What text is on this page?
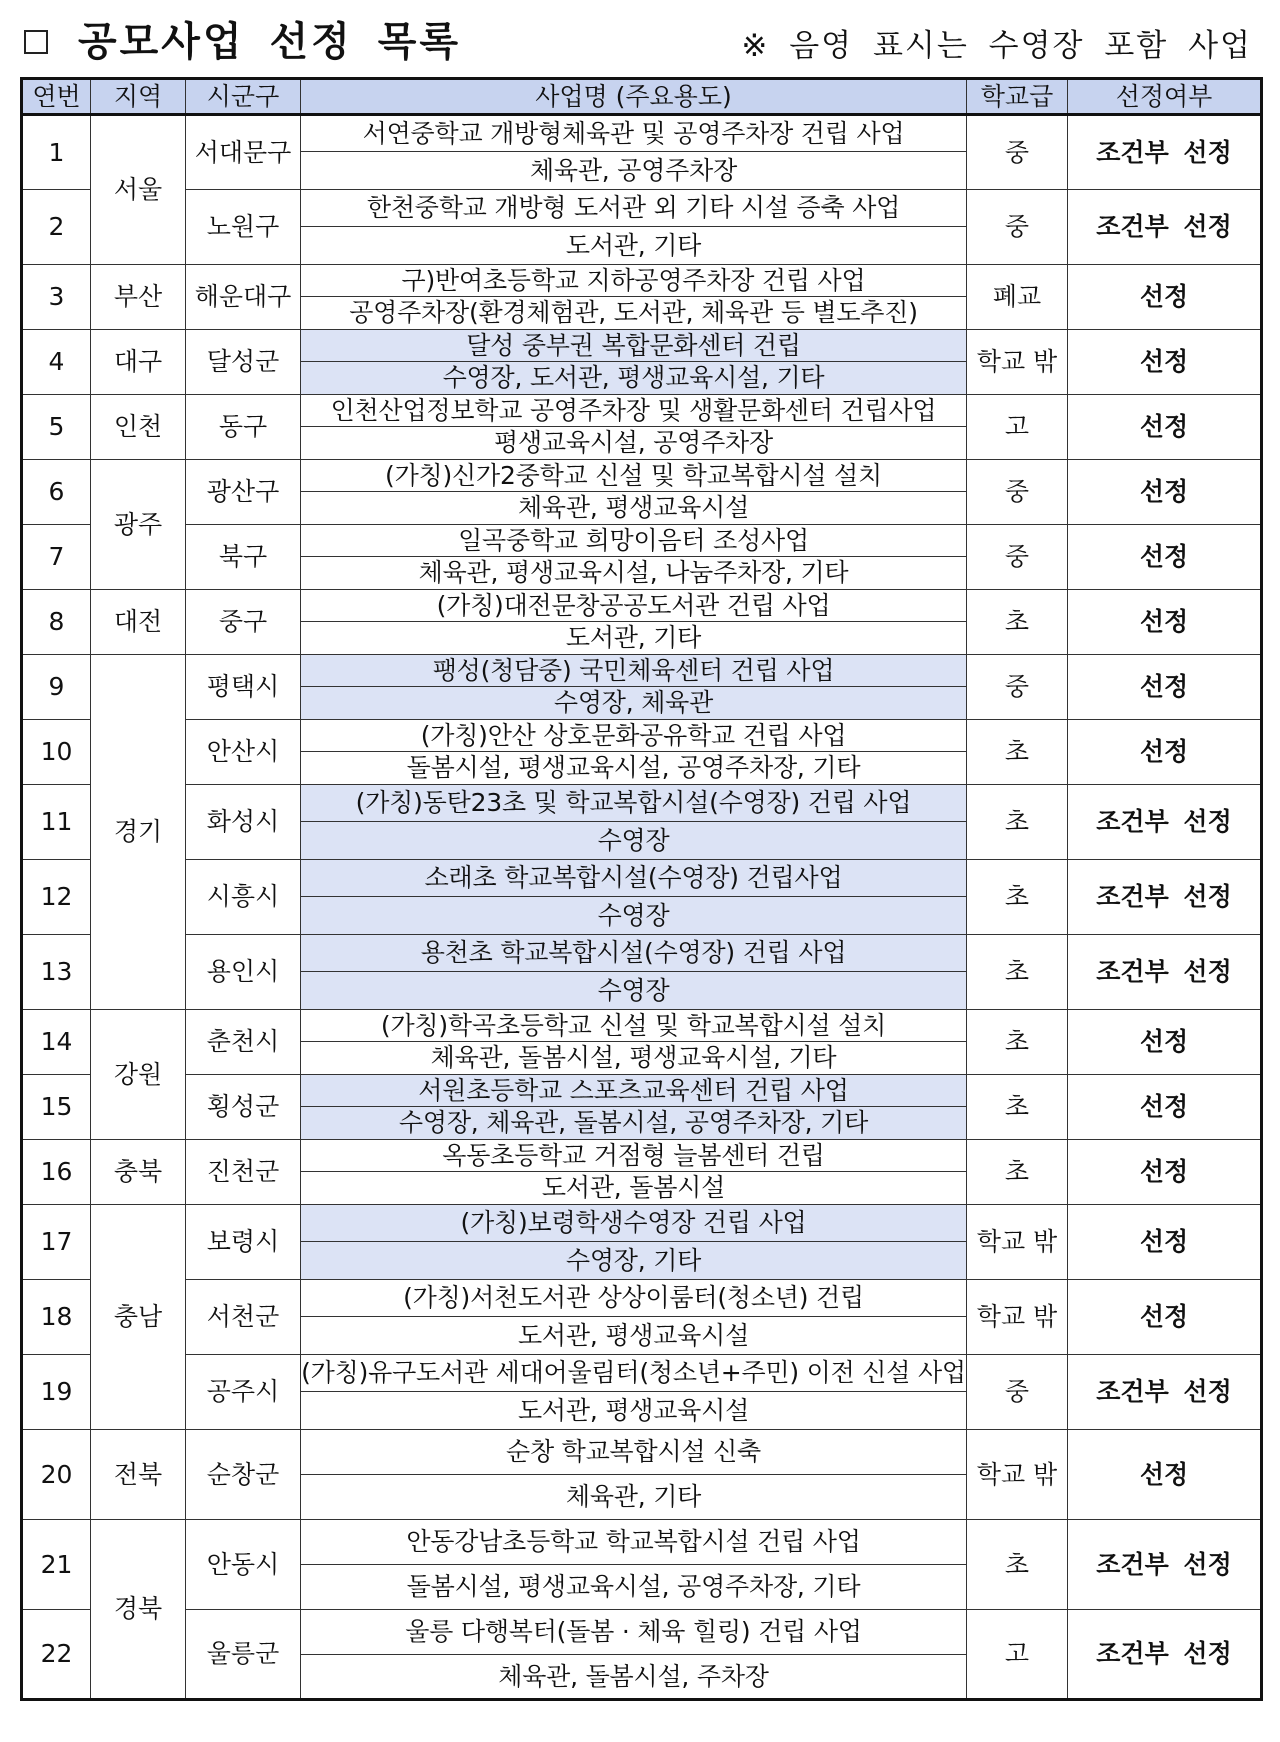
공모사업 선정 목록	※ 음영 표시는 수영장 포함 사업
연번	지역	시군구	사업명 (주요용도)	학교급	선정여부
1	서울	서대문구	서연중학교 개방형체육관 및 공영주차장 건립 사업	중	조건부 선정
			체육관, 공영주차장		
2		노원구	한천중학교 개방형 도서관 외 기타 시설 증축 사업	중	조건부 선정
			도서관, 기타		
3	부산	해운대구	구)반여초등학교 지하공영주차장 건립 사업	폐교	선정
			공영주차장(환경체험관, 도서관, 체육관 등 별도추진)		
4	대구	달성군	달성 중부권 복합문화센터 건립	학교 밖	선정
			수영장, 도서관, 평생교육시설, 기타		
5	인천	동구	인천산업정보학교 공영주차장 및 생활문화센터 건립사업	고	선정
			평생교육시설, 공영주차장		
6	광주	광산구	(가칭)신가2중학교 신설 및 학교복합시설 설치	중	선정
			체육관, 평생교육시설		
7		북구	일곡중학교 희망이음터 조성사업	중	선정
			체육관, 평생교육시설, 나눔주차장, 기타		
8	대전	중구	(가칭)대전문창공공도서관 건립 사업	초	선정
			도서관, 기타		
9	경기	평택시	팽성(청담중) 국민체육센터 건립 사업	중	선정
			수영장, 체육관		
10		안산시	(가칭)안산 상호문화공유학교 건립 사업	초	선정
			돌봄시설, 평생교육시설, 공영주차장, 기타		
11		화성시	(가칭)동탄23초 및 학교복합시설(수영장) 건립 사업	초	조건부 선정
			수영장		
12		시흥시	소래초 학교복합시설(수영장) 건립사업	초	조건부 선정
			수영장		
13		용인시	용천초 학교복합시설(수영장) 건립 사업	초	조건부 선정
			수영장		
14	강원	춘천시	(가칭)학곡초등학교 신설 및 학교복합시설 설치	초	선정
			체육관, 돌봄시설, 평생교육시설, 기타		
15		횡성군	서원초등학교 스포츠교육센터 건립 사업	초	선정
			수영장, 체육관, 돌봄시설, 공영주차장, 기타		
16	충북	진천군	옥동초등학교 거점형 늘봄센터 건립	초	선정
			도서관, 돌봄시설		
17	충남	보령시	(가칭)보령학생수영장 건립 사업	학교 밖	선정
			수영장, 기타		
18		서천군	(가칭)서천도서관 상상이룸터(청소년) 건립	학교 밖	선정
			도서관, 평생교육시설		
19		공주시	(가칭)유구도서관 세대어울림터(청소년+주민) 이전 신설 사업	중	조건부 선정
			도서관, 평생교육시설		
20	전북	순창군	순창 학교복합시설 신축	학교 밖	선정
			체육관, 기타		
21	경북	안동시	안동강남초등학교 학교복합시설 건립 사업	초	조건부 선정
			돌봄시설, 평생교육시설, 공영주차장, 기타		
22		울릉군	울릉 다행복터(돌봄 · 체육 힐링) 건립 사업	고	조건부 선정
			체육관, 돌봄시설, 주차장		
